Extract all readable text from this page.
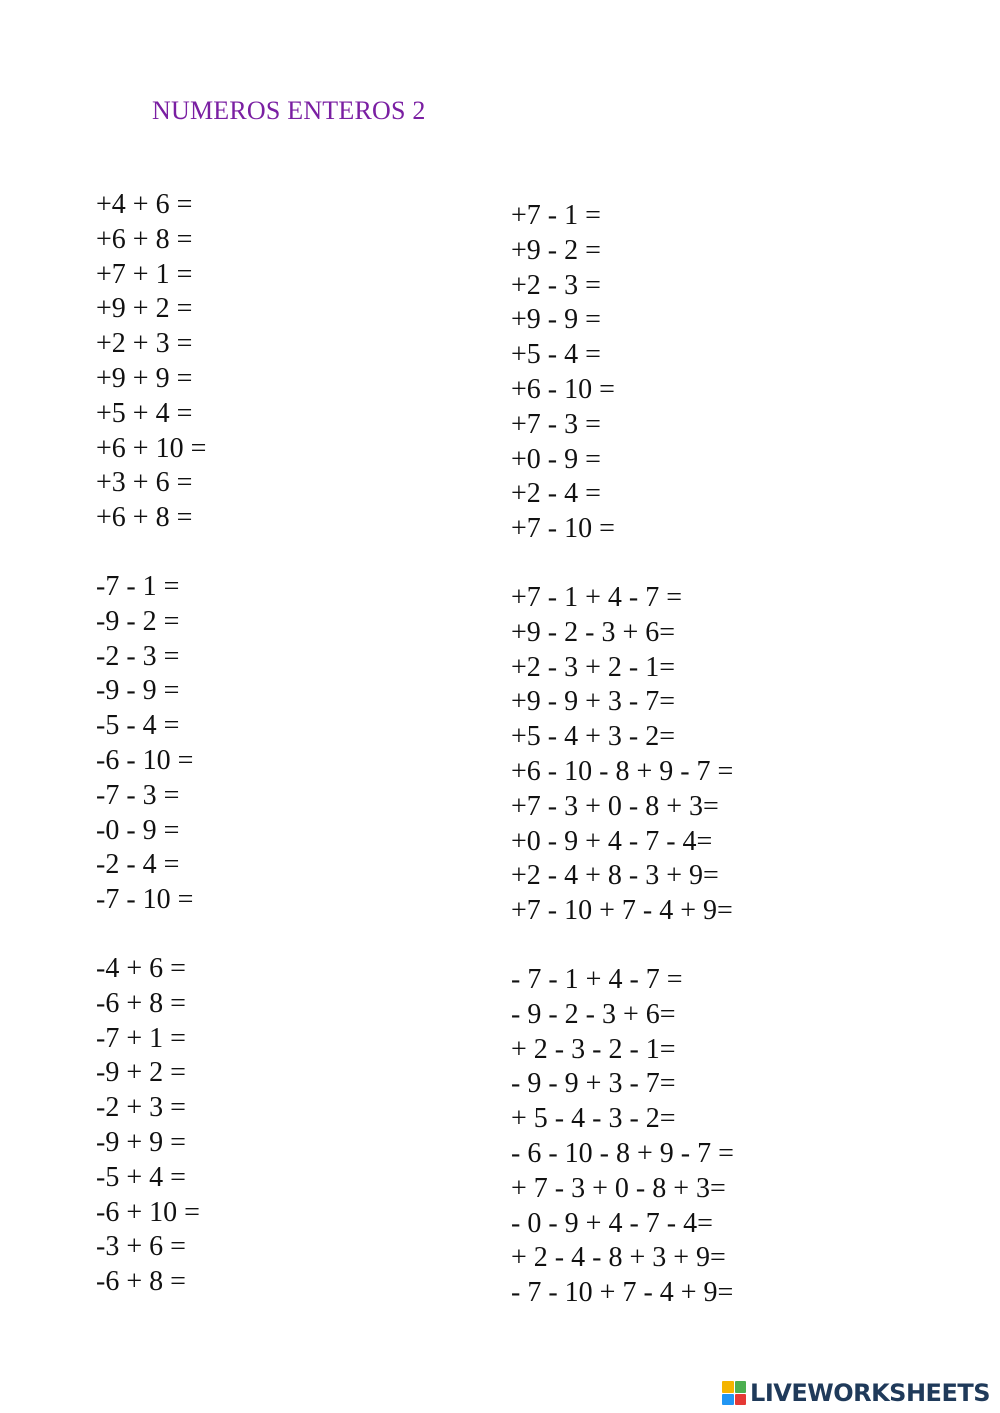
NUMEROS ENTEROS 2
+4 + 6 =
+6 + 8 =
+7 + 1 =
+9 + 2 =
+2 + 3 =
+9 + 9 =
+5 + 4 =
+6 + 10 =
+3 + 6 =
+6 + 8 =
-7 - 1 =
-9 - 2 =
-2 - 3 =
-9 - 9 =
-5 - 4 =
-6 - 10 =
-7 - 3 =
-0 - 9 =
-2 - 4 =
-7 - 10 =
-4 + 6 =
-6 + 8 =
-7 + 1 =
-9 + 2 =
-2 + 3 =
-9 + 9 =
-5 + 4 =
-6 + 10 =
-3 + 6 =
-6 + 8 =
+7 - 1 =
+9 - 2 =
+2 - 3 =
+9 - 9 =
+5 - 4 =
+6 - 10 =
+7 - 3 =
+0 - 9 =
+2 - 4 =
+7 - 10 =
+7 - 1 + 4 - 7 =
+9 - 2 - 3 + 6=
+2 - 3 + 2 - 1=
+9 - 9 + 3 - 7=
+5 - 4 + 3 - 2=
+6 - 10 - 8 + 9 - 7 =
+7 - 3 + 0 - 8 + 3=
+0 - 9 + 4 - 7 - 4=
+2 - 4 + 8 - 3 + 9=
+7 - 10 + 7 - 4 + 9=
- 7 - 1 + 4 - 7 =
- 9 - 2 - 3 + 6=
+ 2 - 3 - 2 - 1=
- 9 - 9 + 3 - 7=
+ 5 - 4 - 3 - 2=
- 6 - 10 - 8 + 9 - 7 =
+ 7 - 3 + 0 - 8 + 3=
- 0 - 9 + 4 - 7 - 4=
+ 2 - 4 - 8 + 3 + 9=
- 7 - 10 + 7 - 4 + 9=
LIVEWORKSHEETS
